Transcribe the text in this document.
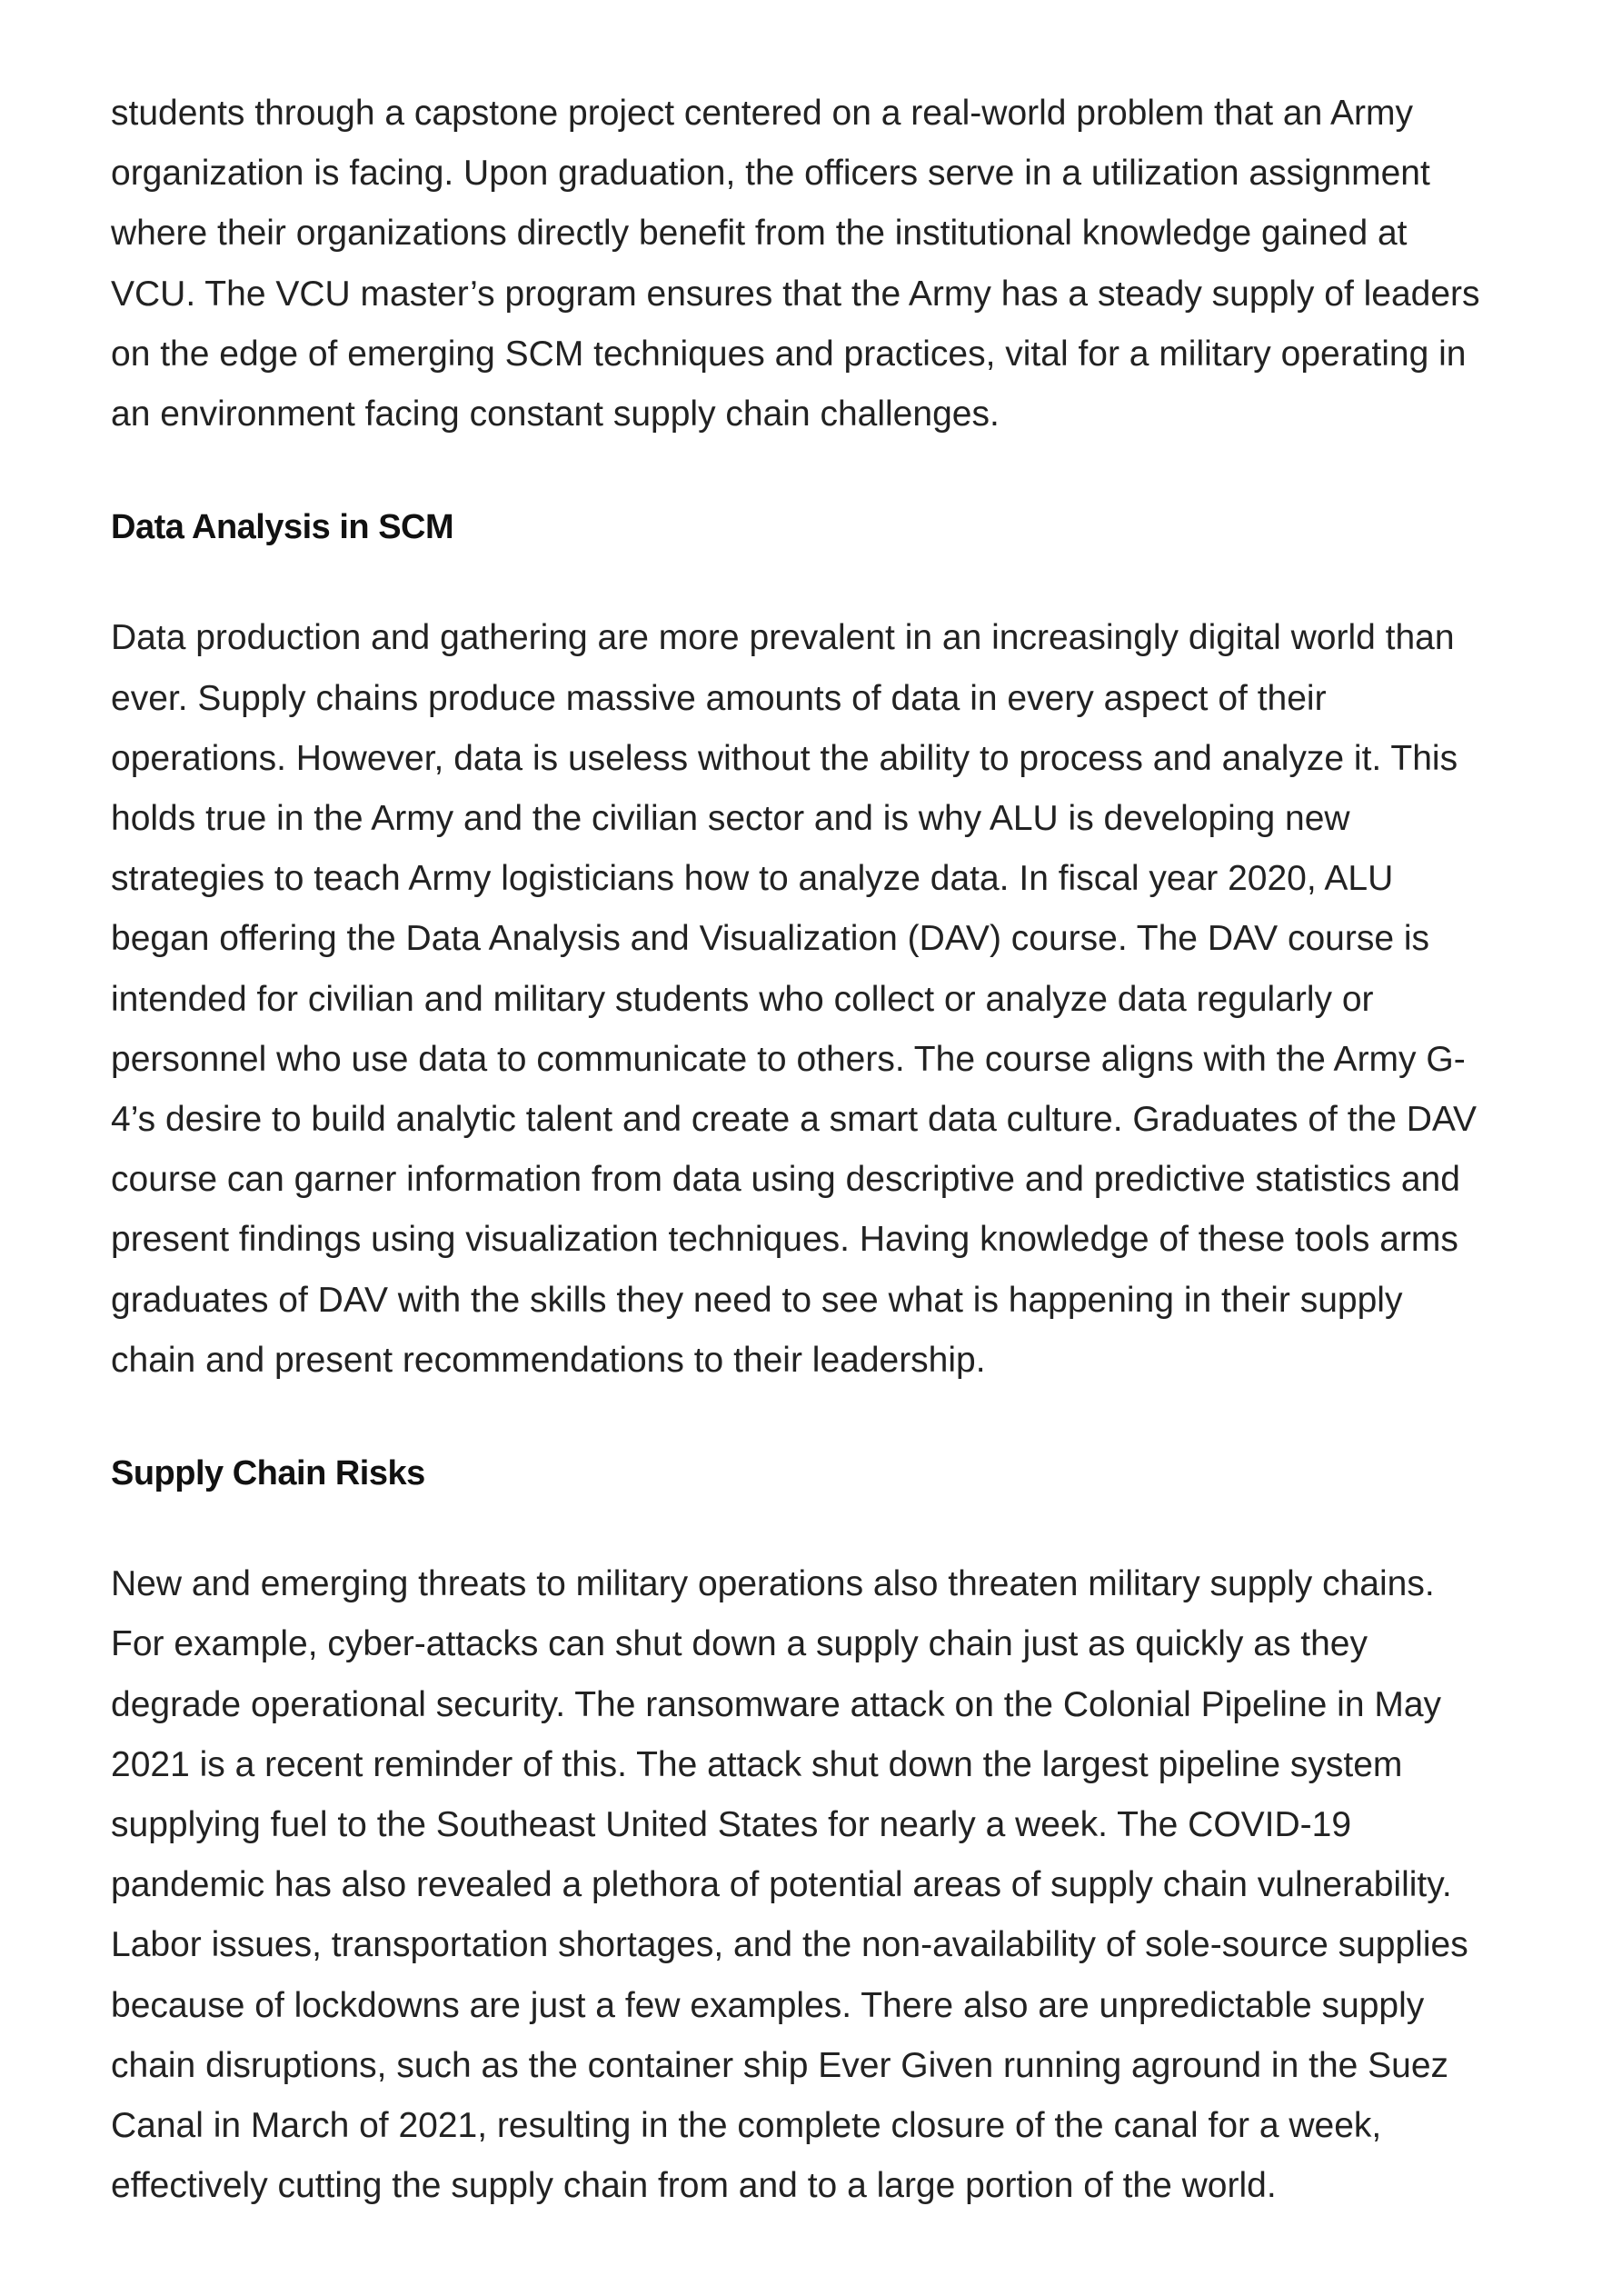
students through a capstone project centered on a real-world problem that an Army
organization is facing. Upon graduation, the officers serve in a utilization assignment
where their organizations directly benefit from the institutional knowledge gained at
VCU. The VCU master’s program ensures that the Army has a steady supply of leaders
on the edge of emerging SCM techniques and practices, vital for a military operating in
an environment facing constant supply chain challenges.

Data Analysis in SCM

Data production and gathering are more prevalent in an increasingly digital world than
ever. Supply chains produce massive amounts of data in every aspect of their
operations. However, data is useless without the ability to process and analyze it. This
holds true in the Army and the civilian sector and is why ALU is developing new
strategies to teach Army logisticians how to analyze data. In fiscal year 2020, ALU
began offering the Data Analysis and Visualization (DAV) course. The DAV course is
intended for civilian and military students who collect or analyze data regularly or
personnel who use data to communicate to others. The course aligns with the Army G-
4’s desire to build analytic talent and create a smart data culture. Graduates of the DAV
course can garner information from data using descriptive and predictive statistics and
present findings using visualization techniques. Having knowledge of these tools arms
graduates of DAV with the skills they need to see what is happening in their supply
chain and present recommendations to their leadership.

Supply Chain Risks

New and emerging threats to military operations also threaten military supply chains.
For example, cyber-attacks can shut down a supply chain just as quickly as they
degrade operational security. The ransomware attack on the Colonial Pipeline in May
2021 is a recent reminder of this. The attack shut down the largest pipeline system
supplying fuel to the Southeast United States for nearly a week. The COVID-19
pandemic has also revealed a plethora of potential areas of supply chain vulnerability.
Labor issues, transportation shortages, and the non-availability of sole-source supplies
because of lockdowns are just a few examples. There also are unpredictable supply
chain disruptions, such as the container ship Ever Given running aground in the Suez
Canal in March of 2021, resulting in the complete closure of the canal for a week,
effectively cutting the supply chain from and to a large portion of the world.
